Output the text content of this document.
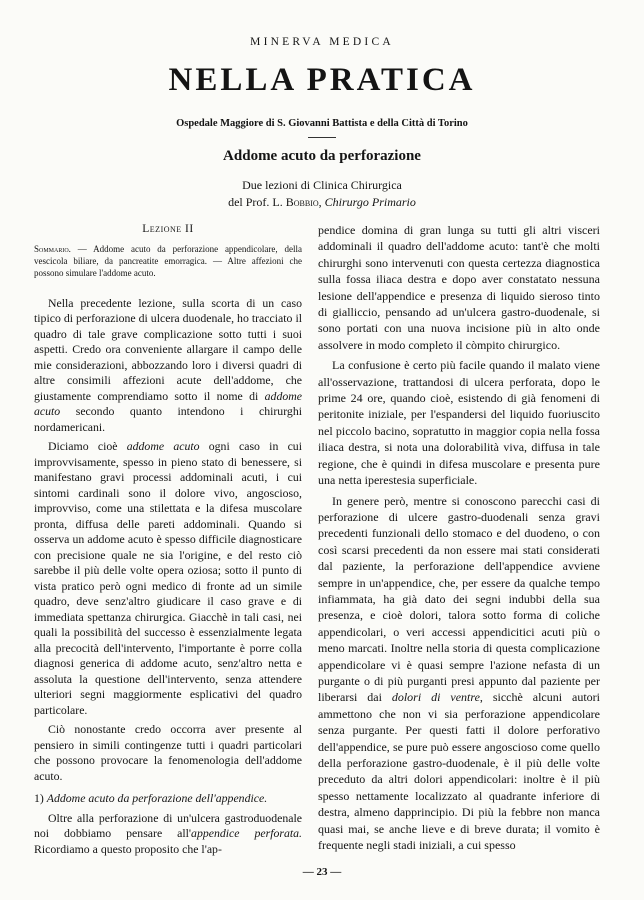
MINERVA MEDICA
NELLA PRATICA
Ospedale Maggiore di S. Giovanni Battista e della Città di Torino
Addome acuto da perforazione
Due lezioni di Clinica Chirurgica
del Prof. L. Bobbio, Chirurgo Primario
Lezione II
Sommario. — Addome acuto da perforazione appendicolare, della vescicola biliare, da pancreatite emorragica. — Altre affezioni che possono simulare l'addome acuto.

Nella precedente lezione, sulla scorta di un caso tipico di perforazione di ulcera duodenale, ho tracciato il quadro di tale grave complicazione sotto tutti i suoi aspetti. Credo ora conveniente allargare il campo delle mie considerazioni, abbozzando loro i diversi quadri di altre consimili affezioni acute dell'addome, che giustamente comprendiamo sotto il nome di addome acuto secondo quanto intendono i chirurghi nordamericani.

Diciamo cioè addome acuto ogni caso in cui improvvisamente, spesso in pieno stato di benessere, si manifestano gravi processi addominali acuti, i cui sintomi cardinali sono il dolore vivo, angoscioso, improvviso, come una stilettata e la difesa muscolare pronta, diffusa delle pareti addominali. Quando si osserva un addome acuto è spesso difficile diagnosticare con precisione quale ne sia l'origine, e del resto ciò sarebbe il più delle volte opera oziosa; sotto il punto di vista pratico però ogni medico di fronte ad un simile quadro, deve senz'altro giudicare il caso grave e di immediata spettanza chirurgica. Giacchè in tali casi, nei quali la possibilità del successo è essenzialmente legata alla precocità dell'intervento, l'importante è porre colla diagnosi generica di addome acuto, senz'altro netta e assoluta la questione dell'intervento, senza attendere ulteriori segni maggiormente esplicativi del quadro particolare.

Ciò nonostante credo occorra aver presente al pensiero in simili contingenze tutti i quadri particolari che possono provocare la fenomenologia dell'addome acuto.

1) Addome acuto da perforazione dell'appendice.

Oltre alla perforazione di un'ulcera gastroduodenale noi dobbiamo pensare all'appendice perforata. Ricordiamo a questo proposito che l'ap-

pendice domina di gran lunga su tutti gli altri visceri addominali il quadro dell'addome acuto: tant'è che molti chirurghi sono intervenuti con questa certezza diagnostica sulla fossa iliaca destra e dopo aver constatato nessuna lesione dell'appendice e presenza di liquido sieroso tinto di gialliccio, pensando ad un'ulcera gastro-duodenale, si sono portati con una nuova incisione più in alto onde assolvere in modo completo il còmpito chirurgico.

La confusione è certo più facile quando il malato viene all'osservazione, trattandosi di ulcera perforata, dopo le prime 24 ore, quando cioè, esistendo di già fenomeni di peritonite iniziale, per l'espandersi del liquido fuoriuscito nel piccolo bacino, sopratutto in maggior copia nella fossa iliaca destra, si nota una dolorabilità viva, diffusa in tale regione, che è quindi in difesa muscolare e presenta pure una netta iperestesia superficiale.

In genere però, mentre si conoscono parecchi casi di perforazione di ulcere gastro-duodenali senza gravi precedenti funzionali dello stomaco e del duodeno, o con così scarsi precedenti da non essere mai stati considerati dal paziente, la perforazione dell'appendice avviene sempre in un'appendice, che, per essere da qualche tempo infiammata, ha già dato dei segni indubbi della sua presenza, e cioè dolori, talora sotto forma di coliche appendicolari, o veri accessi appendicitici acuti più o meno marcati. Inoltre nella storia di questa complicazione appendicolare vi è quasi sempre l'azione nefasta di un purgante o di più purganti presi appunto dal paziente per liberarsi dai dolori di ventre, sicchè alcuni autori ammettono che non vi sia perforazione appendicolare senza purgante. Per questi fatti il dolore perforativo dell'appendice, se pure può essere angoscioso come quello della perforazione gastro-duodenale, è il più delle volte preceduto da altri dolori appendicolari: inoltre è il più spesso nettamente localizzato al quadrante inferiore di destra, almeno dapprincipio. Di più la febbre non manca quasi mai, se anche lieve e di breve durata; il vomito è frequente negli stadi iniziali, a cui spesso

— 23 —
